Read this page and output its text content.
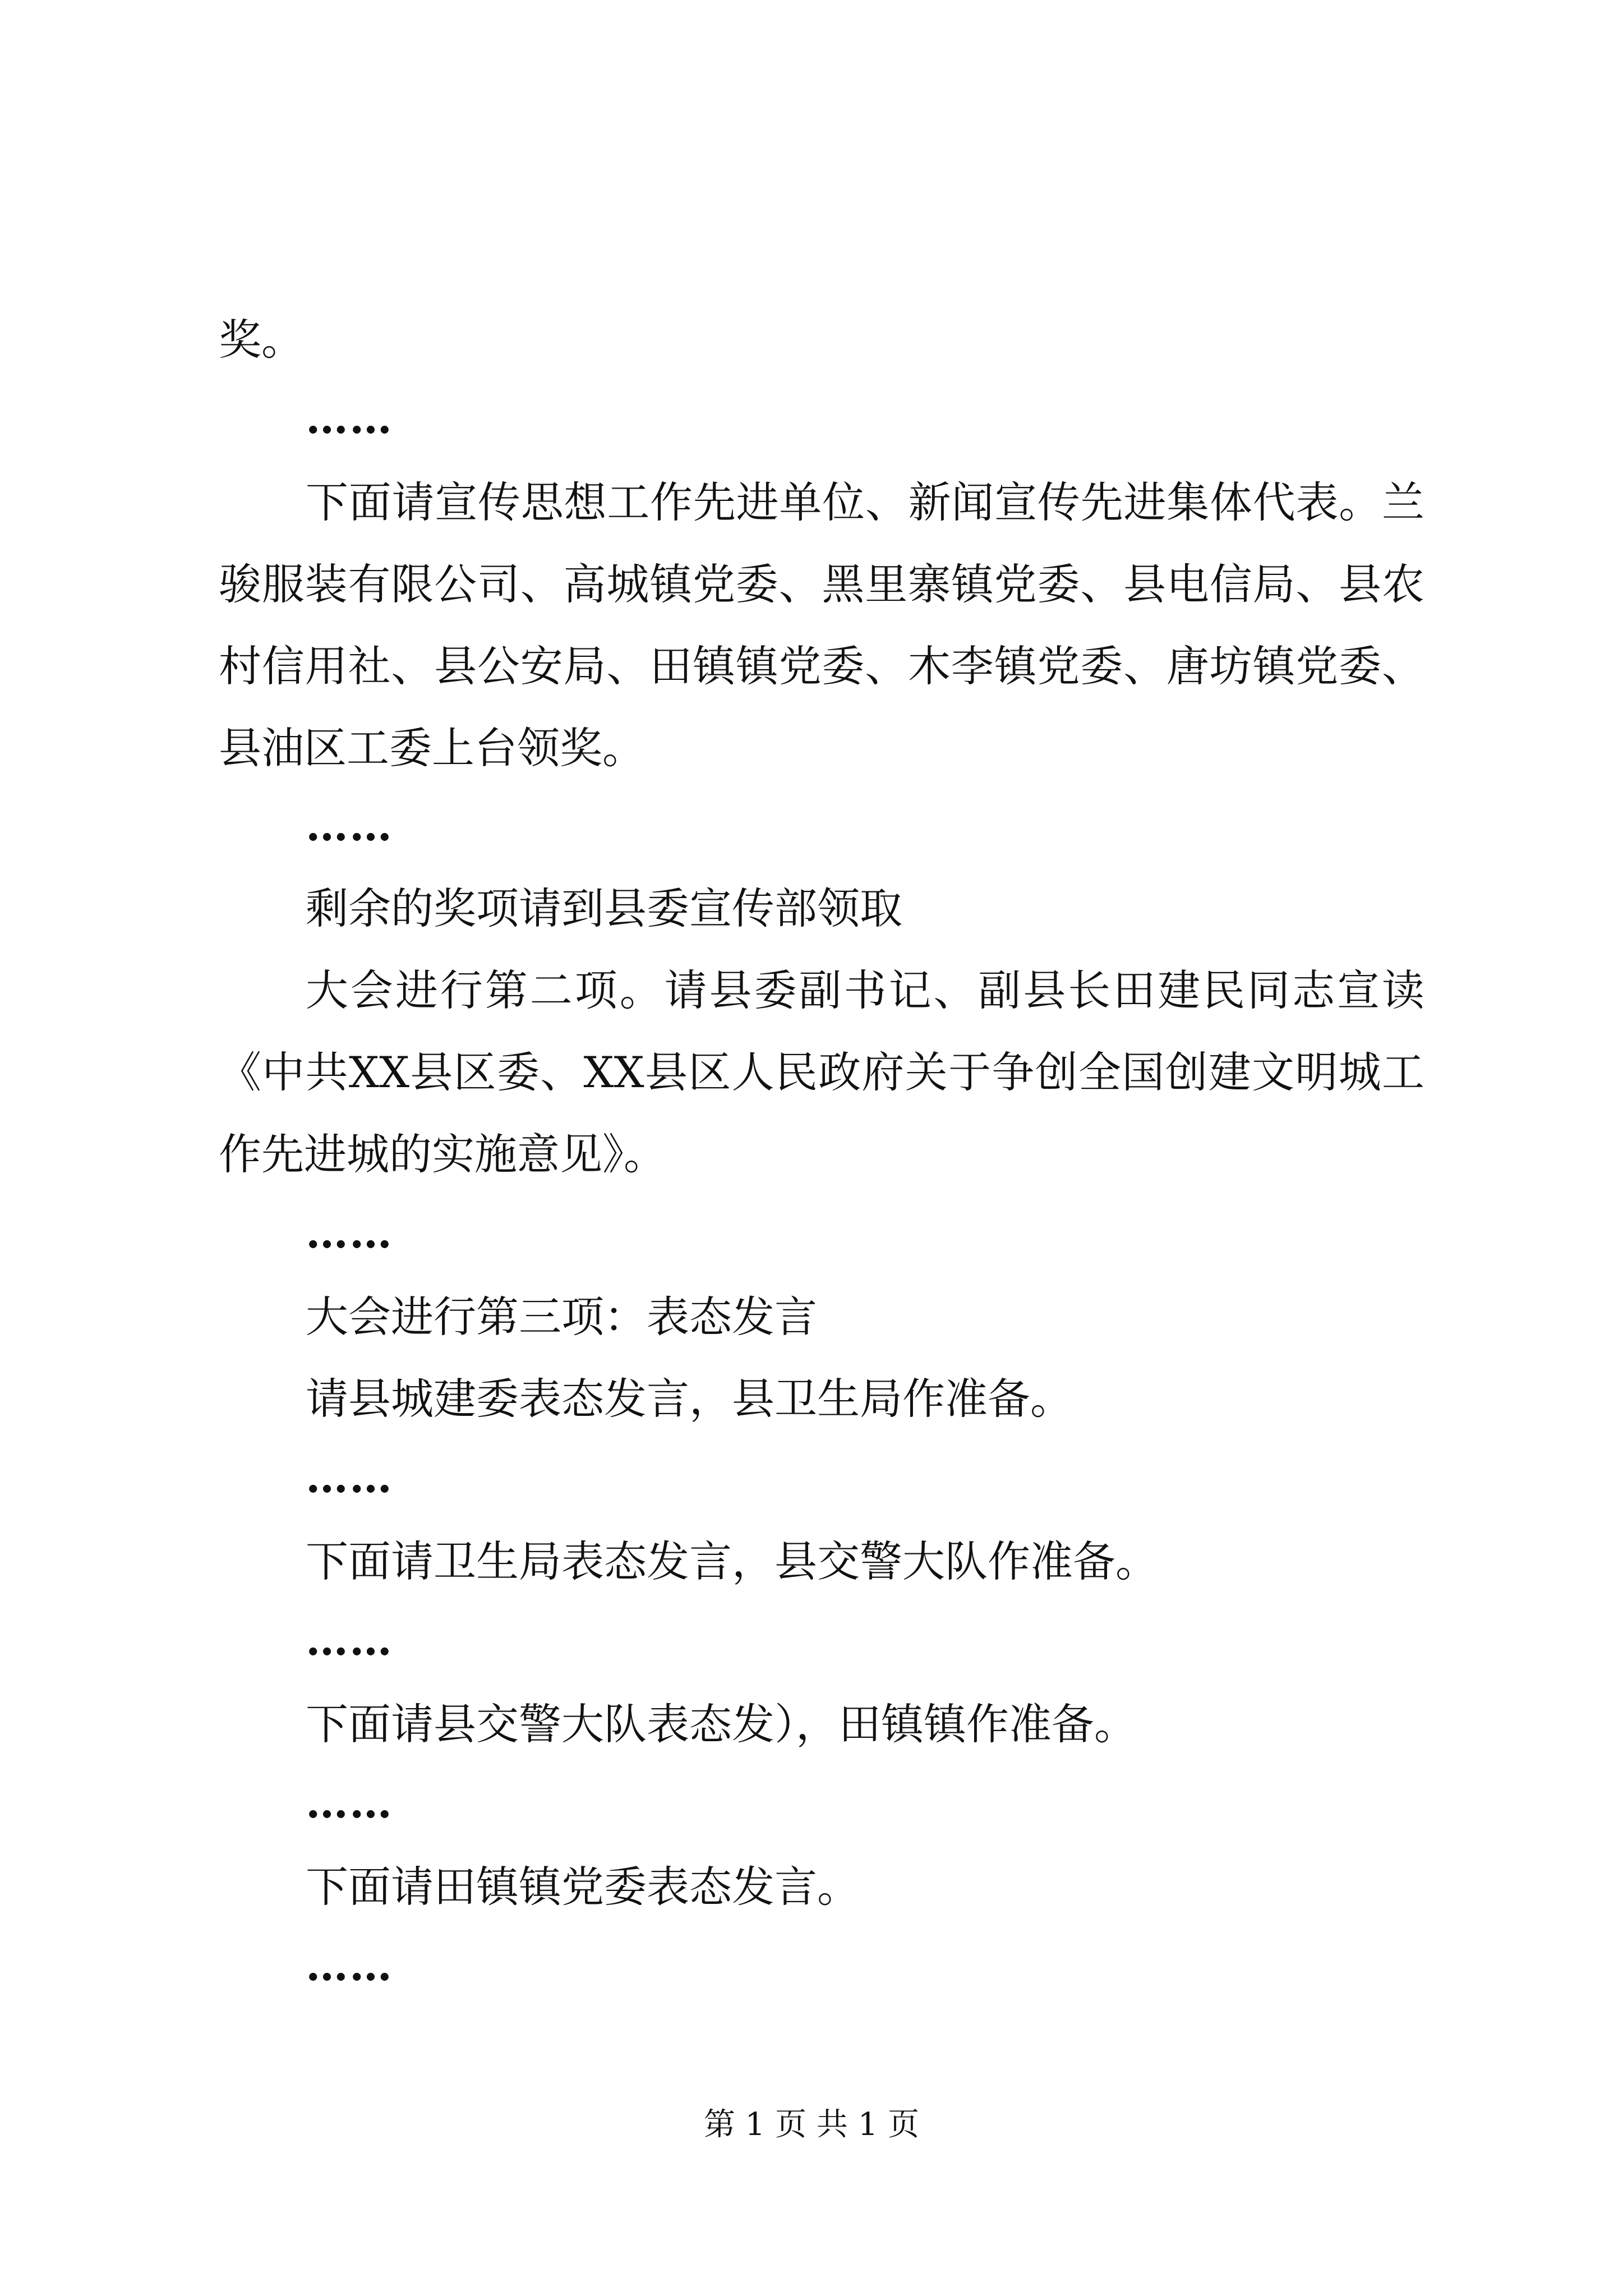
奖。
……
下面请宣传思想工作先进单位、新闻宣传先进集体代表。兰
骏服装有限公司、高城镇党委、黑里寨镇党委、县电信局、县农
村信用社、县公安局、田镇镇党委、木李镇党委、唐坊镇党委、
县油区工委上台领奖。
……
剩余的奖项请到县委宣传部领取
大会进行第二项。请县委副书记、副县长田建民同志宣读
《中共XX县区委、XX县区人民政府关于争创全国创建文明城工
作先进城的实施意见》。
……
大会进行第三项：表态发言
请县城建委表态发言，县卫生局作准备。
……
下面请卫生局表态发言，县交警大队作准备。
……
下面请县交警大队表态发），田镇镇作准备。
……
下面请田镇镇党委表态发言。
……
第 1 页 共 1 页
